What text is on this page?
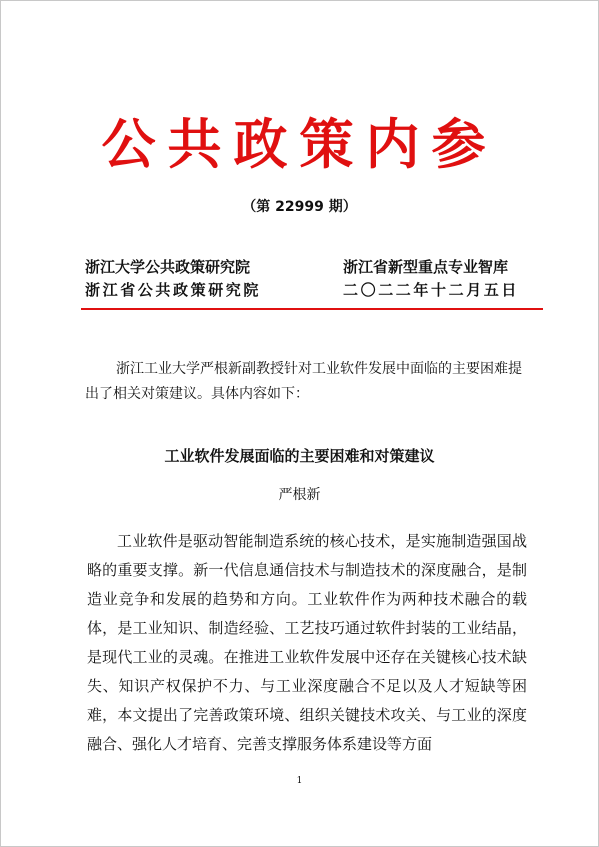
公共政策内参
（第 22999 期）
浙江大学公共政策研究院
浙江省公共政策研究院
浙江省新型重点专业智库
二〇二二年十二月五日

浙江工业大学严根新副教授针对工业软件发展中面临的主要困难提出了相关对策建议。具体内容如下：

工业软件发展面临的主要困难和对策建议
严根新

工业软件是驱动智能制造系统的核心技术，是实施制造强国战略的重要支撑。新一代信息通信技术与制造技术的深度融合，是制造业竞争和发展的趋势和方向。工业软件作为两种技术融合的载体，是工业知识、制造经验、工艺技巧通过软件封装的工业结晶，是现代工业的灵魂。在推进工业软件发展中还存在关键核心技术缺失、知识产权保护不力、与工业深度融合不足以及人才短缺等困难，本文提出了完善政策环境、组织关键技术攻关、与工业的深度融合、强化人才培育、完善支撑服务体系建设等方面

1
